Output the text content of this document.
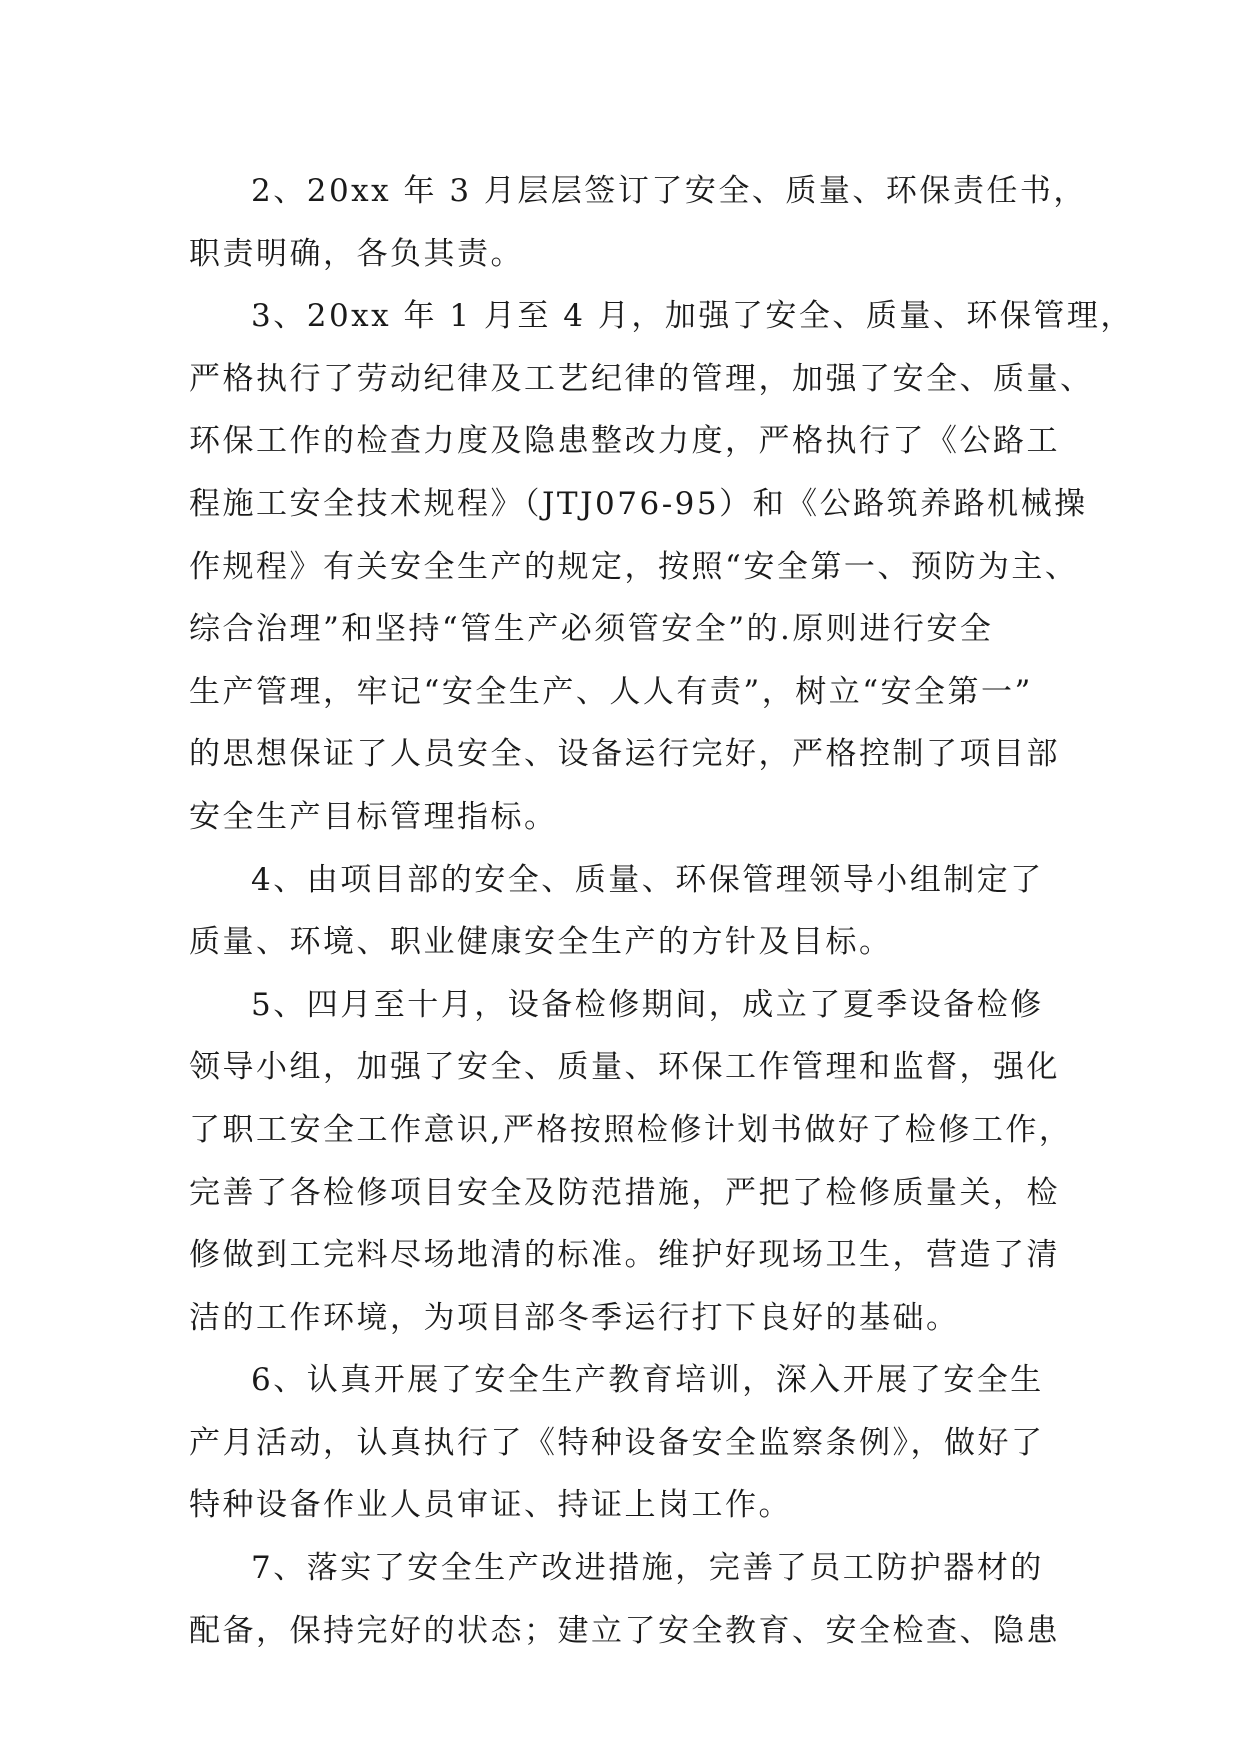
2、20xx 年 3 月层层签订了安全、质量、环保责任书，
职责明确，各负其责。
3、20xx 年 1 月至 4 月，加强了安全、质量、环保管理，
严格执行了劳动纪律及工艺纪律的管理，加强了安全、质量、
环保工作的检查力度及隐患整改力度，严格执行了《公路工
程施工安全技术规程》（JTJ076-95）和《公路筑养路机械操
作规程》有关安全生产的规定，按照“安全第一、预防为主、
综合治理”和坚持“管生产必须管安全”的.原则进行安全
生产管理，牢记“安全生产、人人有责”，树立“安全第一”
的思想保证了人员安全、设备运行完好，严格控制了项目部
安全生产目标管理指标。
4、由项目部的安全、质量、环保管理领导小组制定了
质量、环境、职业健康安全生产的方针及目标。
5、四月至十月，设备检修期间，成立了夏季设备检修
领导小组，加强了安全、质量、环保工作管理和监督，强化
了职工安全工作意识,严格按照检修计划书做好了检修工作，
完善了各检修项目安全及防范措施，严把了检修质量关，检
修做到工完料尽场地清的标准。维护好现场卫生，营造了清
洁的工作环境，为项目部冬季运行打下良好的基础。
6、认真开展了安全生产教育培训，深入开展了安全生
产月活动，认真执行了《特种设备安全监察条例》，做好了
特种设备作业人员审证、持证上岗工作。
7、落实了安全生产改进措施，完善了员工防护器材的
配备，保持完好的状态；建立了安全教育、安全检查、隐患
